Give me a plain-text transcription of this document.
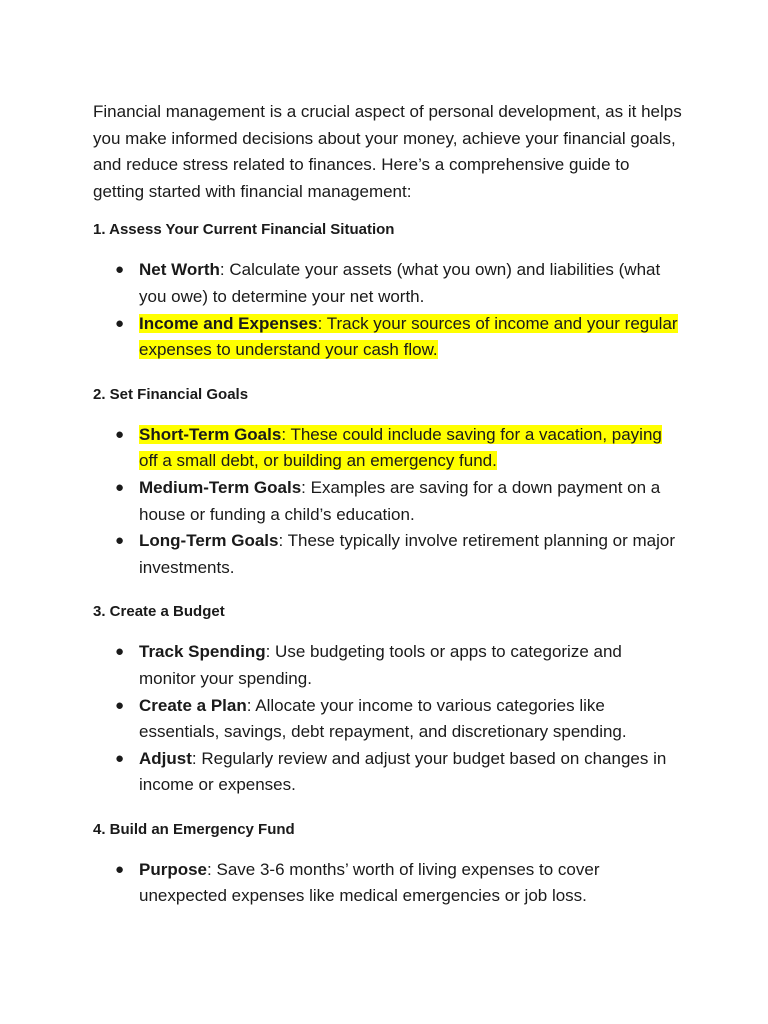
Financial management is a crucial aspect of personal development, as it helps you make informed decisions about your money, achieve your financial goals, and reduce stress related to finances. Here’s a comprehensive guide to getting started with financial management:

1. Assess Your Current Financial Situation
● Net Worth: Calculate your assets (what you own) and liabilities (what you owe) to determine your net worth.
● Income and Expenses: Track your sources of income and your regular expenses to understand your cash flow.
2. Set Financial Goals
● Short-Term Goals: These could include saving for a vacation, paying off a small debt, or building an emergency fund.
● Medium-Term Goals: Examples are saving for a down payment on a house or funding a child’s education.
● Long-Term Goals: These typically involve retirement planning or major investments.
3. Create a Budget
● Track Spending: Use budgeting tools or apps to categorize and monitor your spending.
● Create a Plan: Allocate your income to various categories like essentials, savings, debt repayment, and discretionary spending.
● Adjust: Regularly review and adjust your budget based on changes in income or expenses.
4. Build an Emergency Fund
● Purpose: Save 3-6 months’ worth of living expenses to cover unexpected expenses like medical emergencies or job loss.
